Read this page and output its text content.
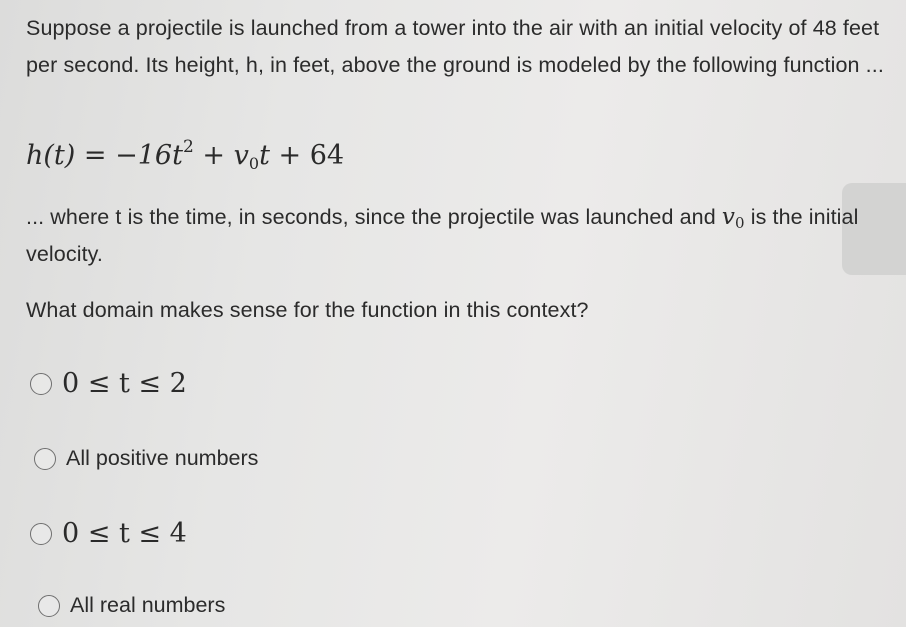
Suppose a projectile is launched from a tower into the air with an initial velocity of 48 feet per second. Its height, h, in feet, above the ground is modeled by the following function ...
$h(t) = -16t^2 + v_0t + 64$
... where t is the time, in seconds, since the projectile was launched and $v_0$ is the initial velocity.
What domain makes sense for the function in this context?
0 ≤ t ≤ 2
All positive numbers
0 ≤ t ≤ 4
All real numbers
